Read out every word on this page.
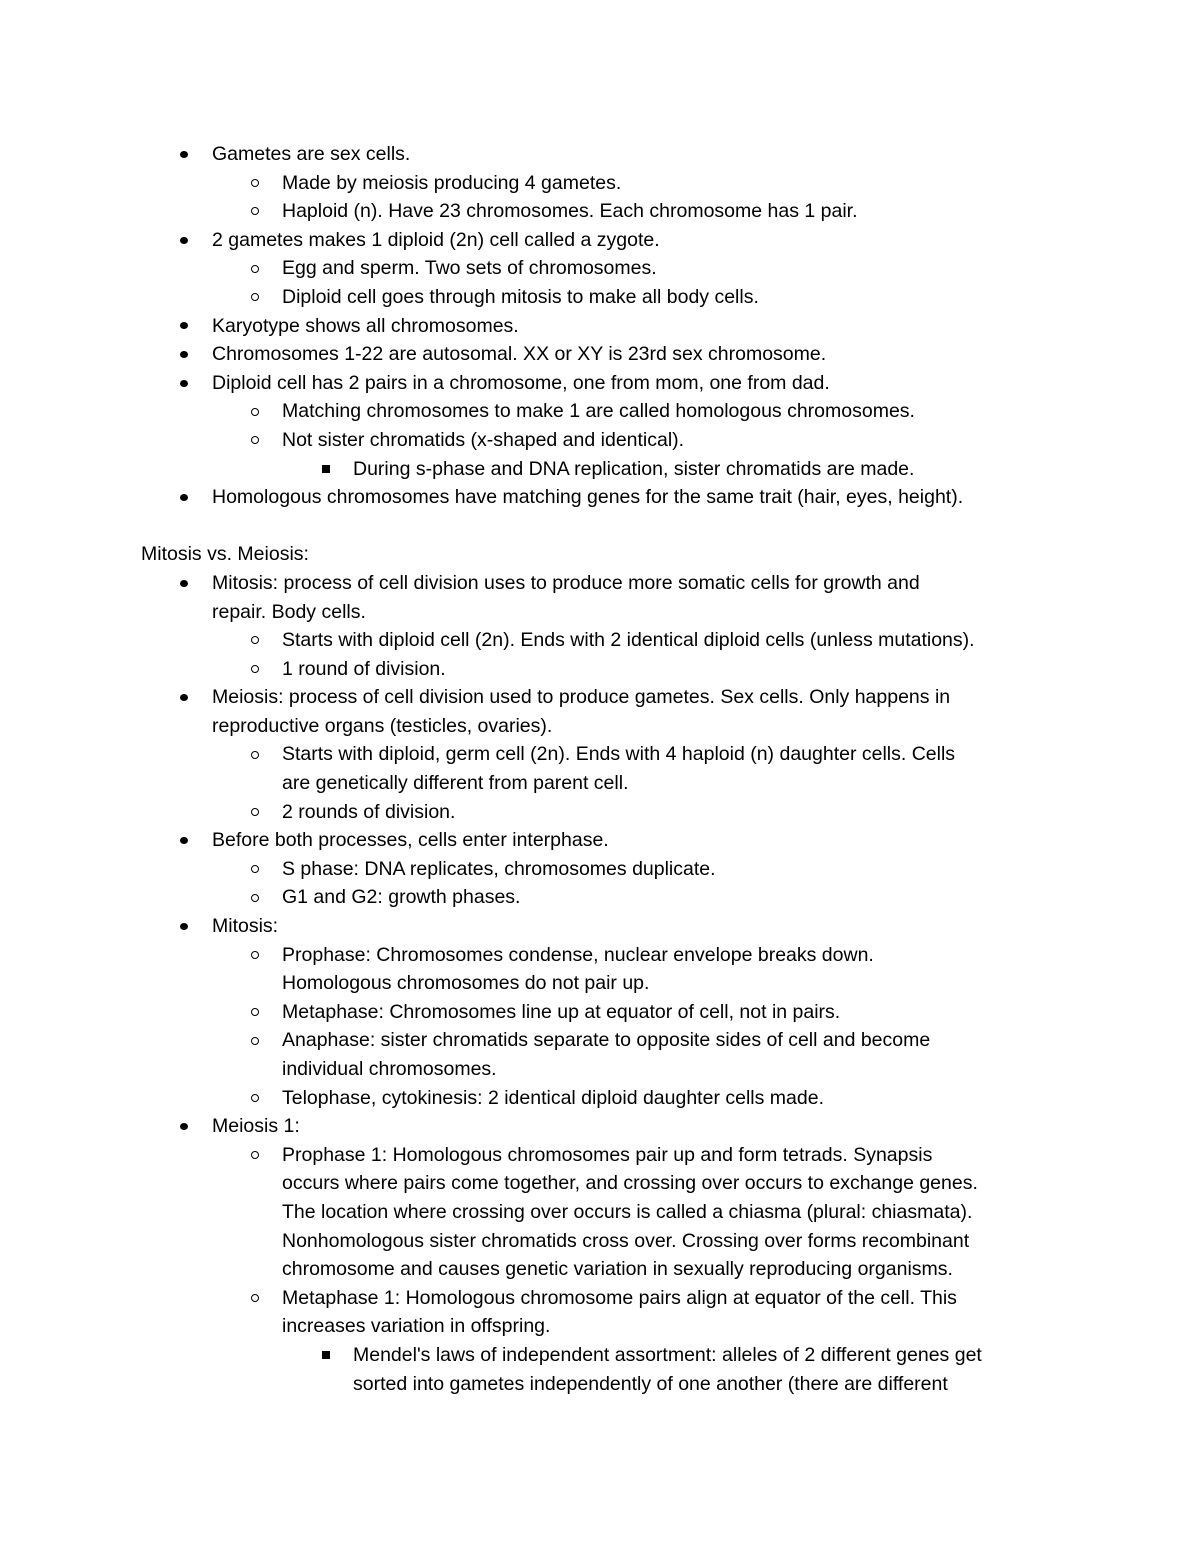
Gametes are sex cells.
Made by meiosis producing 4 gametes.
Haploid (n). Have 23 chromosomes. Each chromosome has 1 pair.
2 gametes makes 1 diploid (2n) cell called a zygote.
Egg and sperm. Two sets of chromosomes.
Diploid cell goes through mitosis to make all body cells.
Karyotype shows all chromosomes.
Chromosomes 1-22 are autosomal. XX or XY is 23rd sex chromosome.
Diploid cell has 2 pairs in a chromosome, one from mom, one from dad.
Matching chromosomes to make 1 are called homologous chromosomes.
Not sister chromatids (x-shaped and identical).
During s-phase and DNA replication, sister chromatids are made.
Homologous chromosomes have matching genes for the same trait (hair, eyes, height).
Mitosis vs. Meiosis:
Mitosis: process of cell division uses to produce more somatic cells for growth and
repair. Body cells.
Starts with diploid cell (2n). Ends with 2 identical diploid cells (unless mutations).
1 round of division.
Meiosis: process of cell division used to produce gametes. Sex cells. Only happens in
reproductive organs (testicles, ovaries).
Starts with diploid, germ cell (2n). Ends with 4 haploid (n) daughter cells. Cells
are genetically different from parent cell.
2 rounds of division.
Before both processes, cells enter interphase.
S phase: DNA replicates, chromosomes duplicate.
G1 and G2: growth phases.
Mitosis:
Prophase: Chromosomes condense, nuclear envelope breaks down.
Homologous chromosomes do not pair up.
Metaphase: Chromosomes line up at equator of cell, not in pairs.
Anaphase: sister chromatids separate to opposite sides of cell and become
individual chromosomes.
Telophase, cytokinesis: 2 identical diploid daughter cells made.
Meiosis 1:
Prophase 1: Homologous chromosomes pair up and form tetrads. Synapsis
occurs where pairs come together, and crossing over occurs to exchange genes.
The location where crossing over occurs is called a chiasma (plural: chiasmata).
Nonhomologous sister chromatids cross over. Crossing over forms recombinant
chromosome and causes genetic variation in sexually reproducing organisms.
Metaphase 1: Homologous chromosome pairs align at equator of the cell. This
increases variation in offspring.
Mendel's laws of independent assortment: alleles of 2 different genes get
sorted into gametes independently of one another (there are different
